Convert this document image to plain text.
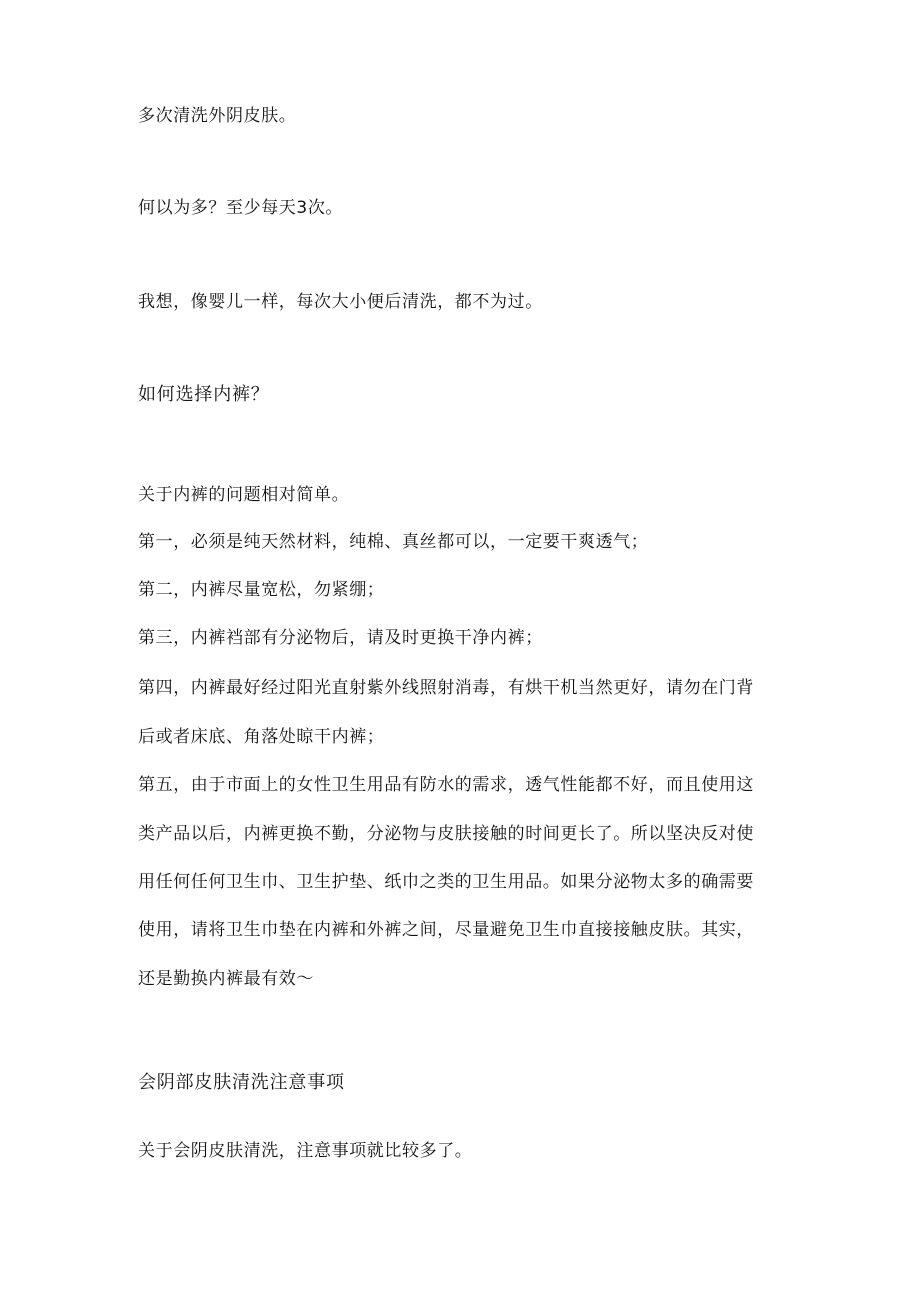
多次清洗外阴皮肤。
何以为多？至少每天3次。
我想，像婴儿一样，每次大小便后清洗，都不为过。
如何选择内裤？
关于内裤的问题相对简单。
第一，必须是纯天然材料，纯棉、真丝都可以，一定要干爽透气；
第二，内裤尽量宽松，勿紧绷；
第三，内裤裆部有分泌物后，请及时更换干净内裤；
第四，内裤最好经过阳光直射紫外线照射消毒，有烘干机当然更好，请勿在门背
后或者床底、角落处晾干内裤；
第五，由于市面上的女性卫生用品有防水的需求，透气性能都不好，而且使用这
类产品以后，内裤更换不勤，分泌物与皮肤接触的时间更长了。所以坚决反对使
用任何任何卫生巾、卫生护垫、纸巾之类的卫生用品。如果分泌物太多的确需要
使用，请将卫生巾垫在内裤和外裤之间，尽量避免卫生巾直接接触皮肤。其实，
还是勤换内裤最有效～
会阴部皮肤清洗注意事项
关于会阴皮肤清洗，注意事项就比较多了。
